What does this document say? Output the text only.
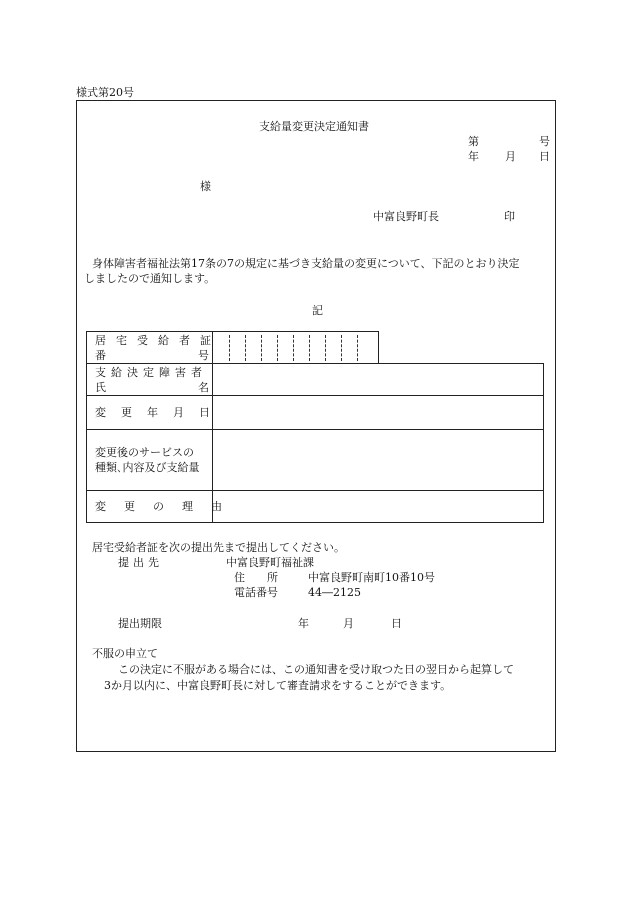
様式第20号
支給量変更決定通知書
第	号
年 月 日
様
中富良野町長	印
身体障害者福祉法第17条の7の規定に基づき支給量の変更について、下記のとおり決定
しましたので通知します。
記
居宅受給者証
番	号
支給決定障害者
氏	名
変更年月日
変更後のサービスの
種類､内容及び支給量
変更の理由
居宅受給者証を次の提出先まで提出してください。
提出先	中富良野町福祉課
住　　所	中富良野町南町10番10号
電話番号	44―2125
提出期限	年	月	日
不服の申立て
この決定に不服がある場合には、この通知書を受け取つた日の翌日から起算して
3か月以内に、中富良野町長に対して審査請求をすることができます。
